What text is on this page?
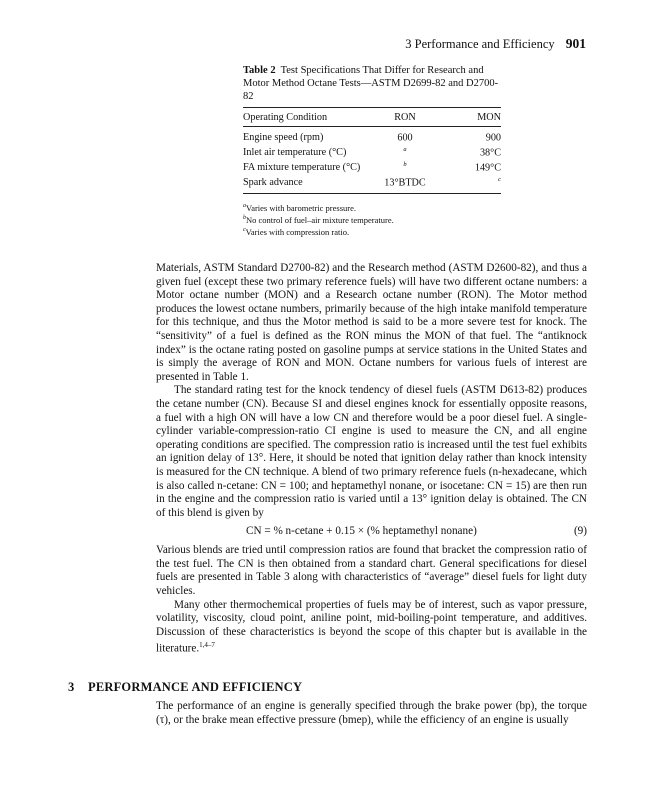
3 Performance and Efficiency 901
Table 2 Test Specifications That Differ for Research and Motor Method Octane Tests—ASTM D2699-82 and D2700-82
Operating Condition	RON	MON
Engine speed (rpm)	600	900
Inlet air temperature (°C)	$^a$	38°C
FA mixture temperature (°C)	$^b$	149°C
Spark advance	13°BTDC	$^c$
$^a$Varies with barometric pressure.
$^b$No control of fuel–air mixture temperature.
$^c$Varies with compression ratio.

Materials, ASTM Standard D2700-82) and the Research method (ASTM D2600-82), and thus a given fuel (except these two primary reference fuels) will have two different octane numbers: a Motor octane number (MON) and a Research octane number (RON). The Motor method produces the lowest octane numbers, primarily because of the high intake manifold temperature for this technique, and thus the Motor method is said to be a more severe test for knock. The “sensitivity” of a fuel is defined as the RON minus the MON of that fuel. The “antiknock index” is the octane rating posted on gasoline pumps at service stations in the United States and is simply the average of RON and MON. Octane numbers for various fuels of interest are presented in Table 1.

The standard rating test for the knock tendency of diesel fuels (ASTM D613-82) produces the cetane number (CN). Because SI and diesel engines knock for essentially opposite reasons, a fuel with a high ON will have a low CN and therefore would be a poor diesel fuel. A single-cylinder variable-compression-ratio CI engine is used to measure the CN, and all engine operating conditions are specified. The compression ratio is increased until the test fuel exhibits an ignition delay of 13°. Here, it should be noted that ignition delay rather than knock intensity is measured for the CN technique. A blend of two primary reference fuels (n-hexadecane, which is also called n-cetane: CN = 100; and heptamethyl nonane, or isocetane: CN = 15) are then run in the engine and the compression ratio is varied until a 13° ignition delay is obtained. The CN of this blend is given by

CN = % n-cetane + 0.15 × (% heptamethyl nonane)	(9)

Various blends are tried until compression ratios are found that bracket the compression ratio of the test fuel. The CN is then obtained from a standard chart. General specifications for diesel fuels are presented in Table 3 along with characteristics of “average” diesel fuels for light duty vehicles.

Many other thermochemical properties of fuels may be of interest, such as vapor pressure, volatility, viscosity, cloud point, aniline point, mid-boiling-point temperature, and additives. Discussion of these characteristics is beyond the scope of this chapter but is available in the literature.$^{1,4-7}$

3 PERFORMANCE AND EFFICIENCY

The performance of an engine is generally specified through the brake power (bp), the torque (τ), or the brake mean effective pressure (bmep), while the efficiency of an engine is usually
